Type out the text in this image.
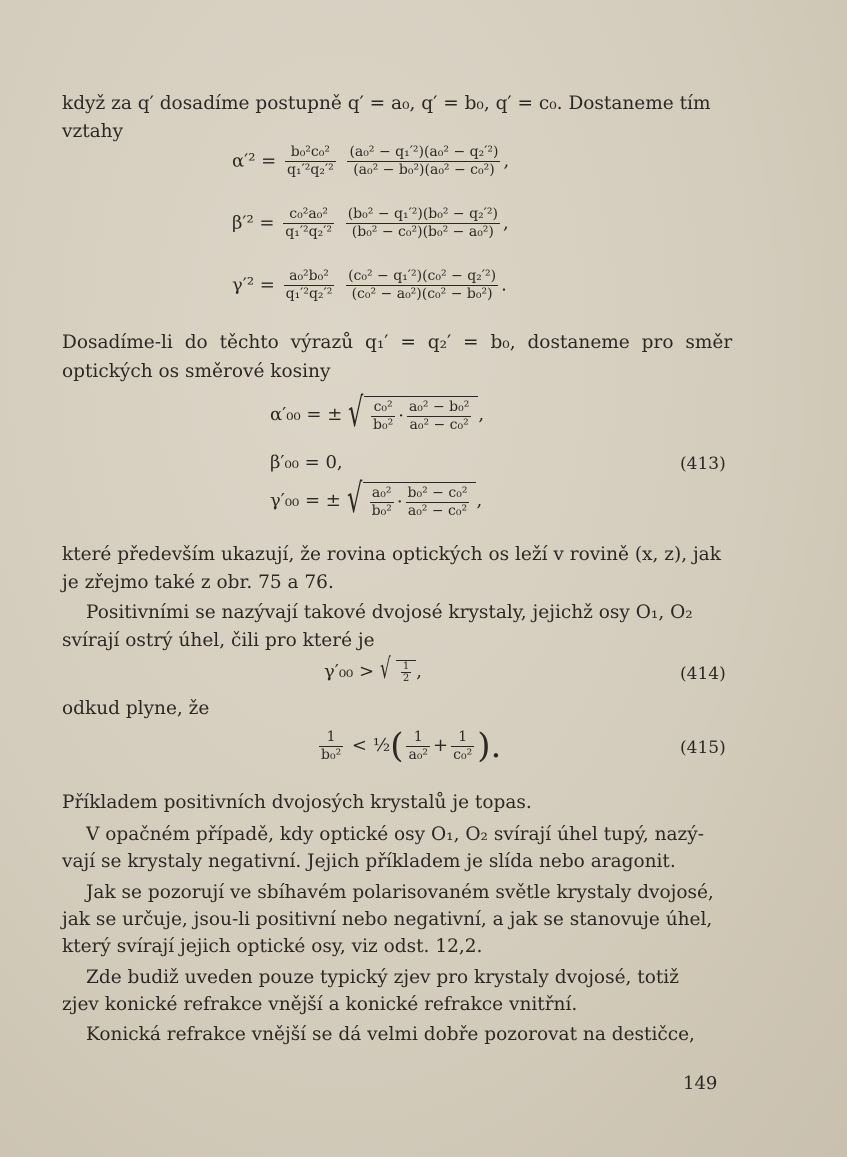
když za q′ dosadíme postupně q′ = a₀, q′ = b₀, q′ = c₀. Dostaneme tím
vztahy
$\alpha'^2 = \frac{\text{b₀²c₀²}}{\text{q₁′²q₂′²}}$
$\frac{\text{(a₀² − q₁′²)(a₀² − q₂′²)}}{\text{(a₀² − b₀²)(a₀² − c₀²)}}$ ,
$\beta'^2 = \frac{\text{c₀²a₀²}}{\text{q₁′²q₂′²}}$
$\frac{\text{(b₀² − q₁′²)(b₀² − q₂′²)}}{\text{(b₀² − c₀²)(b₀² − a₀²)}}$ ,
$\gamma'^2 = \frac{\text{a₀²b₀²}}{\text{q₁′²q₂′²}}$
$\frac{\text{(c₀² − q₁′²)(c₀² − q₂′²)}}{\text{(c₀² − a₀²)(c₀² − b₀²)}}$ .
Dosadíme-li do těchto výrazů q₁′ = q₂′ = b₀, dostaneme pro směr
optických os směrové kosiny
α′₀₀ = ± √ $\frac{\text{c₀²}}{\text{b₀²}} \cdot \frac{\text{a₀² − b₀²}}{\text{a₀² − c₀²}}$ ,
β′₀₀ = 0,	(413)
γ′₀₀ = ± √ $\frac{\text{a₀²}}{\text{b₀²}} \cdot \frac{\text{b₀² − c₀²}}{\text{a₀² − c₀²}}$ ,
které především ukazují, že rovina optických os leží v rovině (x, z), jak
je zřejmo také z obr. 75 a 76.
Positivními se nazývají takové dvojosé krystaly, jejichž osy O₁, O₂
svírají ostrý úhel, čili pro které je
γ′₀₀ > √ $\frac{1}{2}$ ,	(414)
odkud plyne, že
$\frac{1}{\text{b₀²}}$ < ½( $\frac{1}{\text{a₀²}} + \frac{1}{\text{c₀²}}$ ).	(415)
Příkladem positivních dvojosých krystalů je topas.
V opačném případě, kdy optické osy O₁, O₂ svírají úhel tupý, nazý-
vají se krystaly negativní. Jejich příkladem je slída nebo aragonit.
Jak se pozorují ve sbíhavém polarisovaném světle krystaly dvojosé,
jak se určuje, jsou-li positivní nebo negativní, a jak se stanovuje úhel,
který svírají jejich optické osy, viz odst. 12,2.
Zde budiž uveden pouze typický zjev pro krystaly dvojosé, totiž
zjev konické refrakce vnější a konické refrakce vnitřní.
Konická refrakce vnější se dá velmi dobře pozorovat na destičce,
149
